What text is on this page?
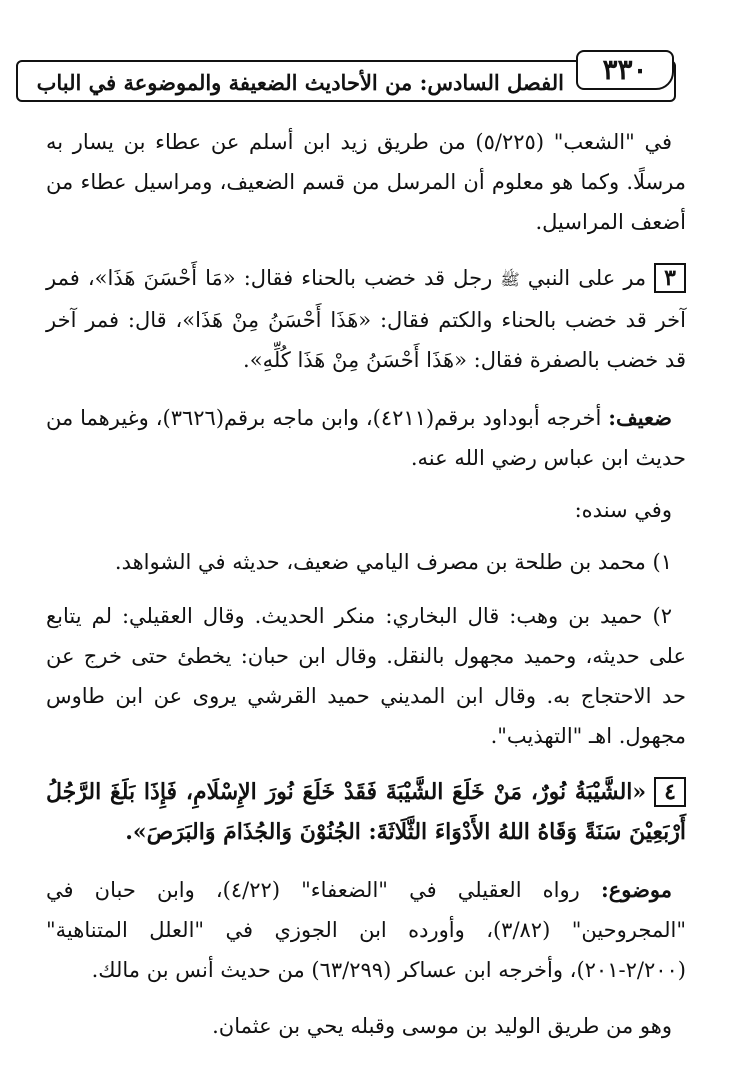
الفصل السادس: من الأحاديث الضعيفة والموضوعة في الباب	٣٣٠
في "الشعب" (٥/٢٢٥) من طريق زيد ابن أسلم عن عطاء بن يسار به مرسلًا. وكما هو معلوم أن المرسل من قسم الضعيف، ومراسيل عطاء من أضعف المراسيل.
٣مر على النبي ﷺ رجل قد خضب بالحناء فقال: «مَا أَحْسَنَ هَذَا»، فمر آخر قد خضب بالحناء والكتم فقال: «هَذَا أَحْسَنُ مِنْ هَذَا»، قال: فمر آخر قد خضب بالصفرة فقال: «هَذَا أَحْسَنُ مِنْ هَذَا كُلِّهِ».
ضعيف: أخرجه أبوداود برقم(٤٢١١)، وابن ماجه برقم(٣٦٢٦)، وغيرهما من حديث ابن عباس رضي الله عنه.
وفي سنده:
١) محمد بن طلحة بن مصرف اليامي ضعيف، حديثه في الشواهد.
٢) حميد بن وهب: قال البخاري: منكر الحديث. وقال العقيلي: لم يتابع على حديثه، وحميد مجهول بالنقل. وقال ابن حبان: يخطئ حتى خرج عن حد الاحتجاج به. وقال ابن المديني حميد القرشي يروى عن ابن طاوس مجهول. اهـ "التهذيب".
٤«الشَّيْبَةُ نُورٌ، مَنْ خَلَعَ الشَّيْبَةَ فَقَدْ خَلَعَ نُورَ الإِسْلَامِ، فَإِذَا بَلَغَ الرَّجُلُ أَرْبَعِيْنَ سَنَةً وَقَاهُ اللهُ الأَدْوَاءَ الثَّلَاثَةَ: الجُنُوْنَ وَالجُذَامَ وَالبَرَصَ».
موضوع: رواه العقيلي في "الضعفاء" (٤/٢٢)، وابن حبان في "المجروحين" (٣/٨٢)، وأورده ابن الجوزي في "العلل المتناهية" (٢/٢٠٠-٢٠١)، وأخرجه ابن عساكر (٦٣/٢٩٩) من حديث أنس بن مالك.
وهو من طريق الوليد بن موسى وقبله يحي بن عثمان.
